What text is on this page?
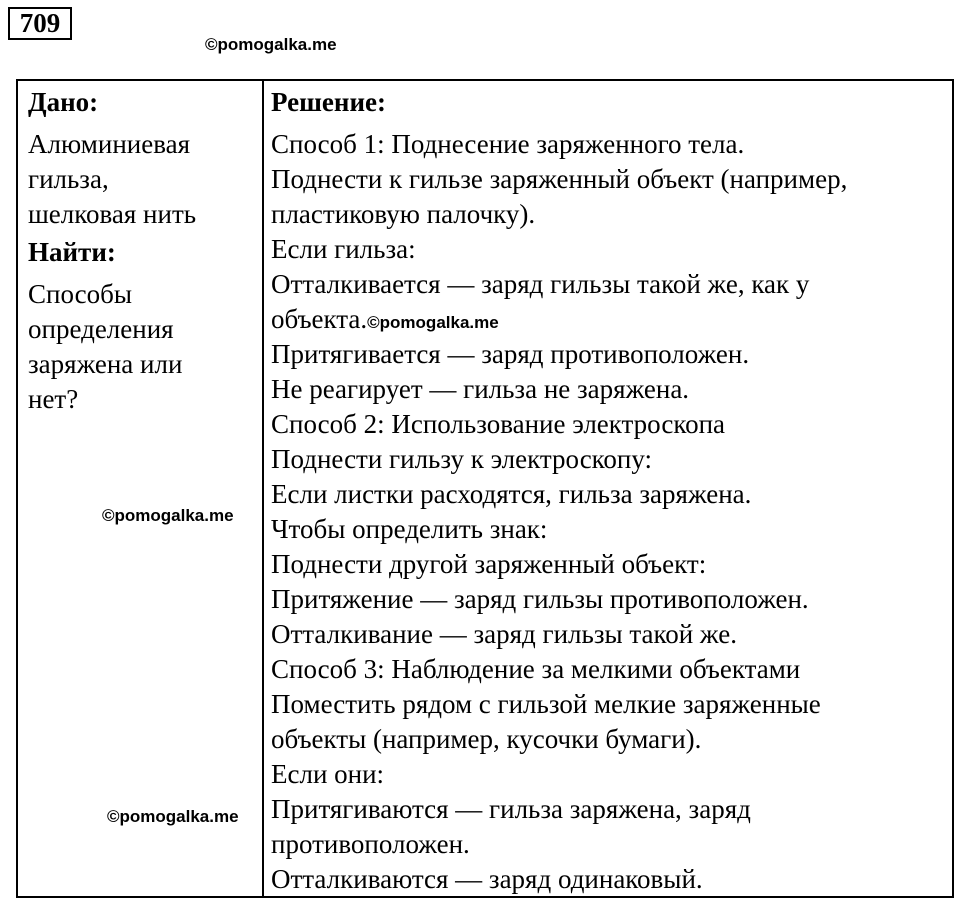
709
©pomogalka.me
Дано:
Алюминиевая
гильза,
шелковая нить
Найти:
Способы
определения
заряжена или
нет?
Решение:
Способ 1: Поднесение заряженного тела.
Поднести к гильзе заряженный объект (например,
пластиковую палочку).
Если гильза:
Отталкивается — заряд гильзы такой же, как у
объекта.©pomogalka.me
Притягивается — заряд противоположен.
Не реагирует — гильза не заряжена.
Способ 2: Использование электроскопа
Поднести гильзу к электроскопу:
Если листки расходятся, гильза заряжена.
Чтобы определить знак:
Поднести другой заряженный объект:
Притяжение — заряд гильзы противоположен.
Отталкивание — заряд гильзы такой же.
Способ 3: Наблюдение за мелкими объектами
Поместить рядом с гильзой мелкие заряженные
объекты (например, кусочки бумаги).
Если они:
Притягиваются — гильза заряжена, заряд
противоположен.
Отталкиваются — заряд одинаковый.
©pomogalka.me
©pomogalka.me
